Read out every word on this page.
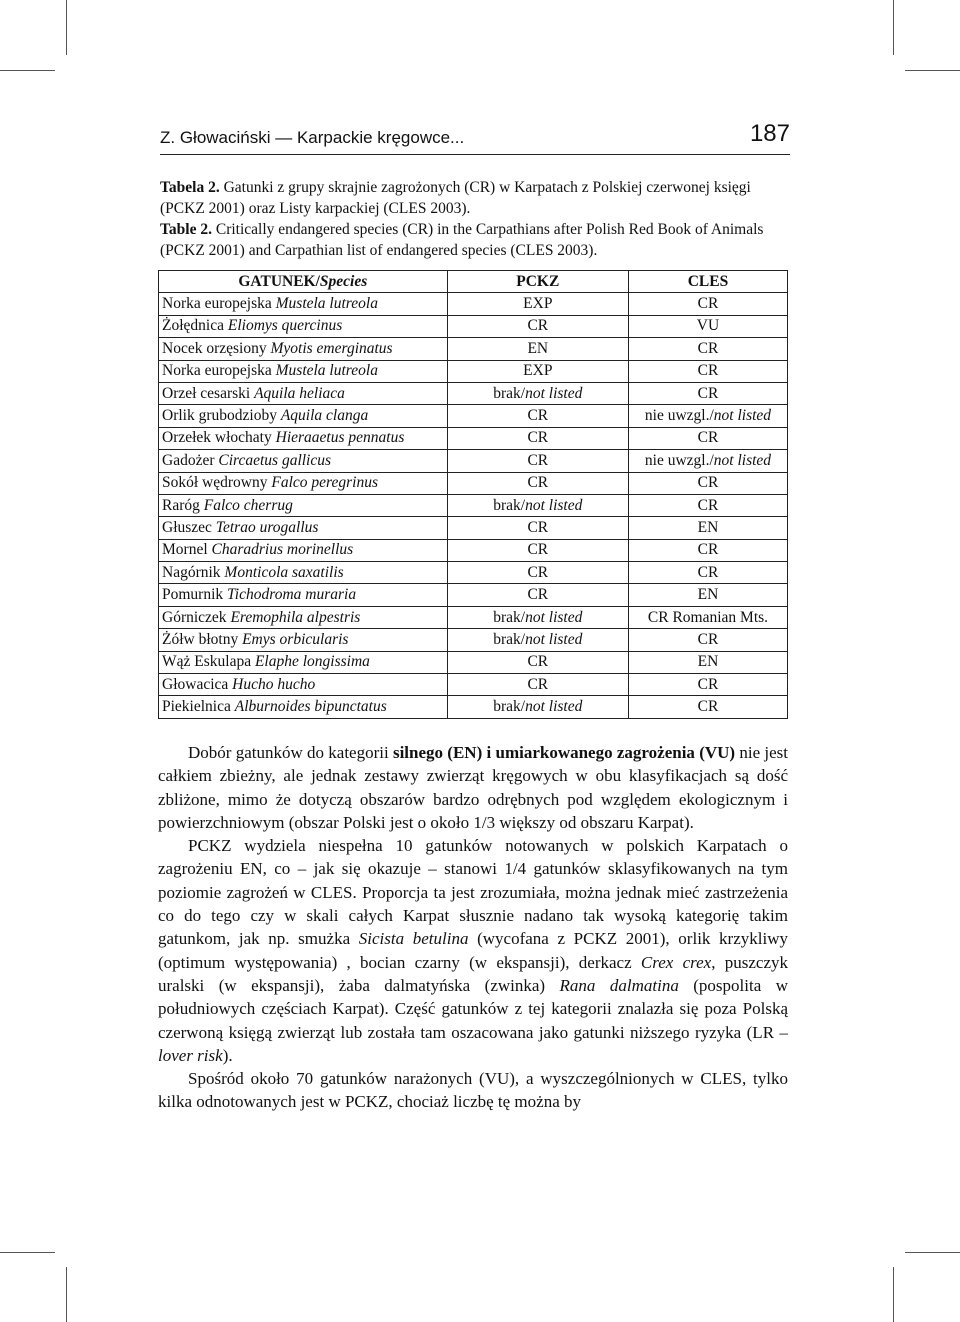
Z. Głowaciński — Karpackie kręgowce...	187

Tabela 2. Gatunki z grupy skrajnie zagrożonych (CR) w Karpatach z Polskiej czerwonej księgi (PCKZ 2001) oraz Listy karpackiej (CLES 2003).

Table 2. Critically endangered species (CR) in the Carpathians after Polish Red Book of Animals (PCKZ 2001) and Carpathian list of endangered species (CLES 2003).

GATUNEK/Species	PCKZ	CLES
Norka europejska Mustela lutreola	EXP	CR
Żołędnica Eliomys quercinus	CR	VU
Nocek orzęsiony Myotis emerginatus	EN	CR
Norka europejska Mustela lutreola	EXP	CR
Orzeł cesarski Aquila heliaca	brak/not listed	CR
Orlik grubodzioby Aquila clanga	CR	nie uwzgl./not listed
Orzełek włochaty Hieraaetus pennatus	CR	CR
Gadożer Circaetus gallicus	CR	nie uwzgl./not listed
Sokół wędrowny Falco peregrinus	CR	CR
Raróg Falco cherrug	brak/not listed	CR
Głuszec Tetrao urogallus	CR	EN
Mornel Charadrius morinellus	CR	CR
Nagórnik Monticola saxatilis	CR	CR
Pomurnik Tichodroma muraria	CR	EN
Górniczek Eremophila alpestris	brak/not listed	CR Romanian Mts.
Żółw błotny Emys orbicularis	brak/not listed	CR
Wąż Eskulapa Elaphe longissima	CR	EN
Głowacica Hucho hucho	CR	CR
Piekielnica Alburnoides bipunctatus	brak/not listed	CR

Dobór gatunków do kategorii silnego (EN) i umiarkowanego zagrożenia (VU) nie jest całkiem zbieżny, ale jednak zestawy zwierząt kręgowych w obu klasyfikacjach są dość zbliżone, mimo że dotyczą obszarów bardzo odrębnych pod względem ekologicznym i powierzchniowym (obszar Polski jest o około 1/3 większy od obszaru Karpat).

PCKZ wydziela niespełna 10 gatunków notowanych w polskich Karpatach o zagrożeniu EN, co – jak się okazuje – stanowi 1/4 gatunków sklasyfikowanych na tym poziomie zagrożeń w CLES. Proporcja ta jest zrozumiała, można jednak mieć zastrzeżenia co do tego czy w skali całych Karpat słusznie nadano tak wysoką kategorię takim gatunkom, jak np. smużka Sicista betulina (wycofana z PCKZ 2001), orlik krzykliwy (optimum występowania) , bocian czarny (w ekspansji), derkacz Crex crex, puszczyk uralski (w ekspansji), żaba dalmatyńska (zwinka) Rana dalmatina (pospolita w południowych częściach Karpat). Część gatunków z tej kategorii znalazła się poza Polską czerwoną księgą zwierząt lub została tam oszacowana jako gatunki niższego ryzyka (LR – lover risk).

Spośród około 70 gatunków narażonych (VU), a wyszczególnionych w CLES, tylko kilka odnotowanych jest w PCKZ, chociaż liczbę tę można by
